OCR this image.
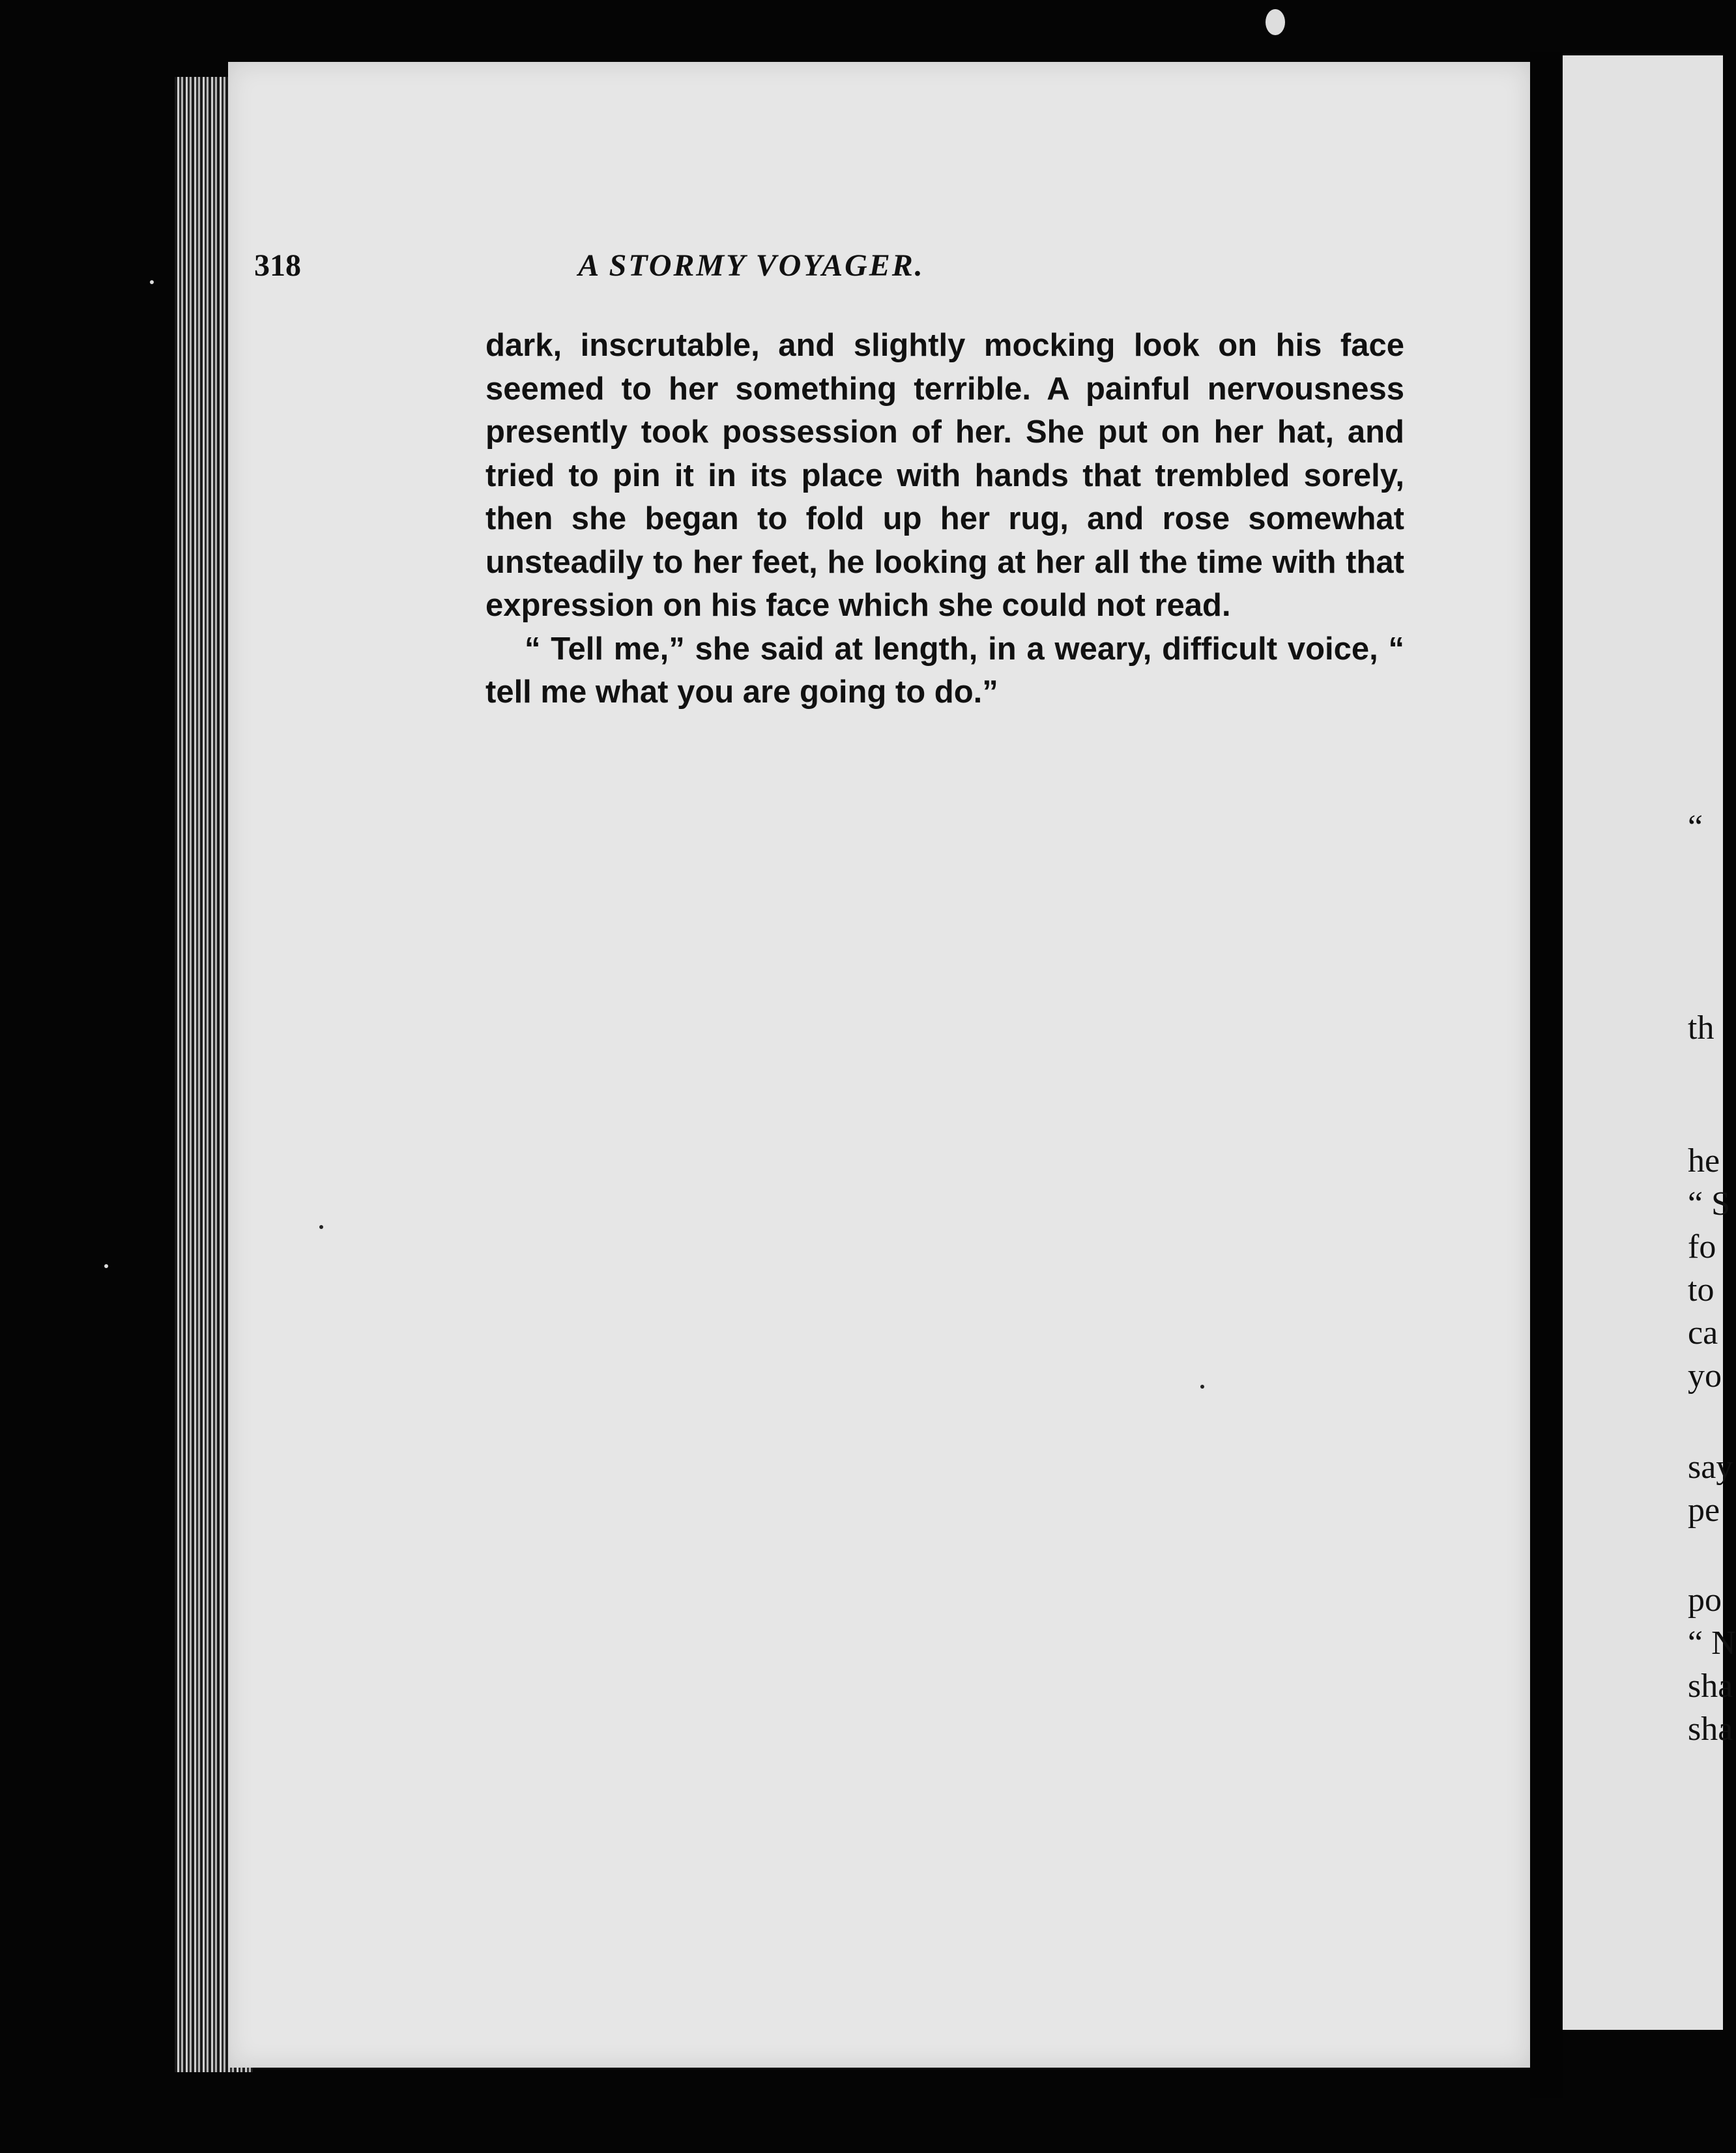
318	A STORMY VOYAGER.

dark, inscrutable, and slightly mocking look on his face seemed to her something terrible. A painful nervousness presently took possession of her. She put on her hat, and tried to pin it in its place with hands that trembled sorely, then she began to fold up her rug, and rose somewhat unsteadily to her feet, he looking at her all the time with that expression on his face which she could not read.

“ Tell me,” she said at length, in a weary, difficult voice, “ tell me what you are going to do.”

“
th
he
“ S
fo
to
ca
yo
say
pe
po
“ N
sha
sha
